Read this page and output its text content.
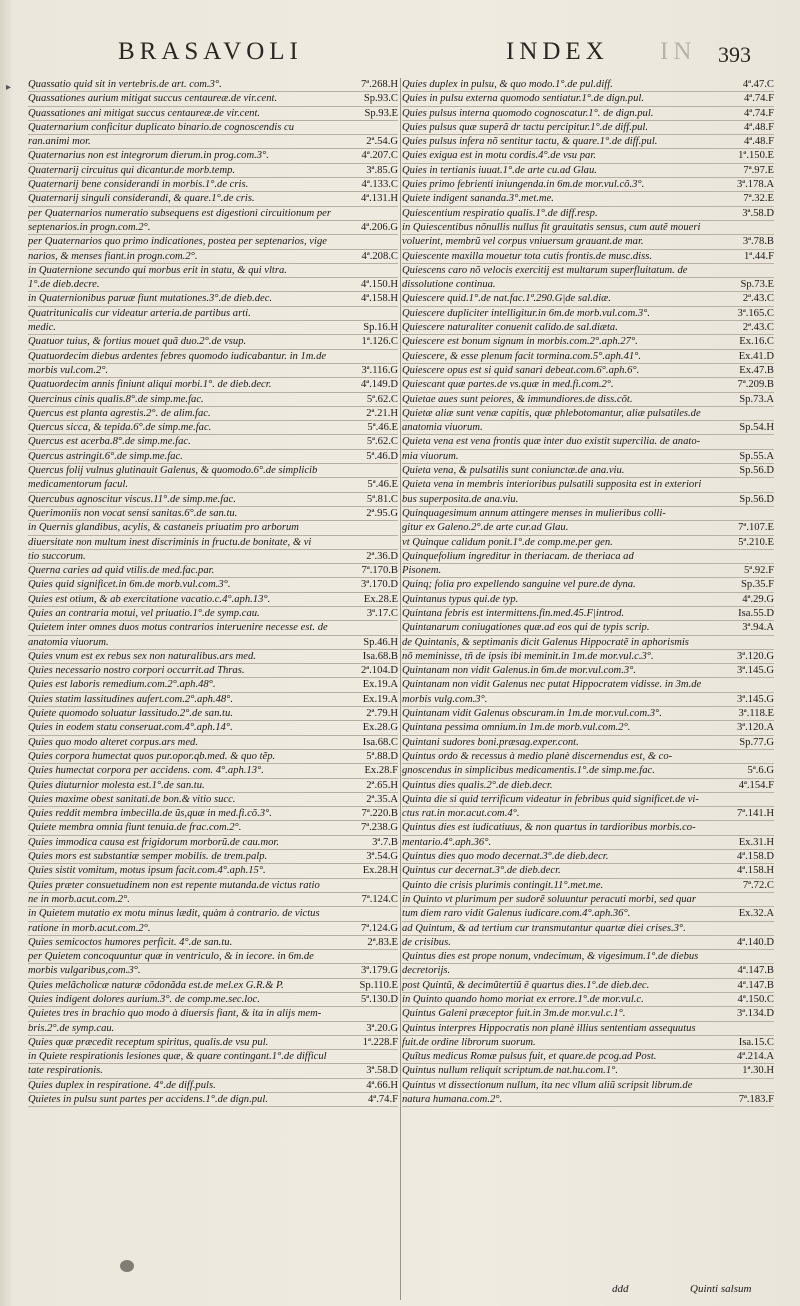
▸
BRASAVOLI	INDEX IN 393
Quassatio quid sit in vertebris.de art. com.3°.	7ª.268.H
Quassationes aurium mitigat succus centaureæ.de vir.cent.	Sp.93.C
Quassationes ani mitigat succus centaureæ.de vir.cent.	Sp.93.E
Quaternarium conficitur duplicato binario.de cognoscendis cu
ran.animi mor.	2ª.54.G
Quaternarius non est integrorum dierum.in prog.com.3°.	4ª.207.C
Quaternarij circuitus qui dicantur.de morb.temp.	3ª.85.G
Quaternarij bene considerandi in morbis.1°.de cris.	4ª.133.C
Quaternarij singuli considerandi, & quare.1°.de cris.	4ª.131.H
per Quaternarios numeratio subsequens est digestioni circuitionum per
septenarios.in progn.com.2°.	4ª.206.G
per Quaternarios quo primo indicationes, postea per septenarios, vige
narios, & menses fiant.in progn.com.2°.	4ª.208.C
in Quaternione secundo qui morbus erit in statu, & qui vltra.
1°.de dieb.decre.	4ª.150.H
in Quaternionibus paruæ fiunt mutationes.3°.de dieb.dec.	4ª.158.H
Quatritunicalis cur videatur arteria.de partibus arti.
medic.	Sp.16.H
Quatuor tuius, & fortius mouet quã duo.2°.de vsup.	1ª.126.C
Quatuordecim diebus ardentes febres quomodo iudicabantur. in 1m.de
morbis vul.com.2°.	3ª.116.G
Quatuordecim annis finiunt aliqui morbi.1°. de dieb.decr.	4ª.149.D
Quercinus cinis qualis.8°.de simp.me.fac.	5ª.62.C
Quercus est planta agrestis.2°. de alim.fac.	2ª.21.H
Quercus sicca, & tepida.6°.de simp.me.fac.	5ª.46.E
Quercus est acerba.8°.de simp.me.fac.	5ª.62.C
Quercus astringit.6°.de simp.me.fac.	5ª.46.D
Quercus folij vulnus glutinauit Galenus, & quomodo.6°.de simplicib
medicamentorum facul.	5ª.46.E
Quercubus agnoscitur viscus.11°.de simp.me.fac.	5ª.81.C
Querimoniis non vocat sensi sanitas.6°.de san.tu.	2ª.95.G
in Quernis glandibus, acylis, & castaneis priuatim pro arborum
diuersitate non multum inest discriminis in fructu.de bonitate, & vi
tio succorum.	2ª.36.D
Querna caries ad quid vtilis.de med.fac.par.	7ª.170.B
Quies quid significet.in 6m.de morb.vul.com.3°.	3ª.170.D
Quies est otium, & ab exercitatione vacatio.c.4°.aph.13°.	Ex.28.E
Quies an contraria motui, vel priuatio.1°.de symp.cau.	3ª.17.C
Quietem inter omnes duos motus contrarios interuenire necesse est. de
anatomia viuorum.	Sp.46.H
Quies vnum est ex rebus sex non naturalibus.ars med.	Isa.68.B
Quies necessario nostro corpori occurrit.ad Thras.	2ª.104.D
Quies est laboris remedium.com.2°.aph.48°.	Ex.19.A
Quies statim lassitudines aufert.com.2°.aph.48°.	Ex.19.A
Quiete quomodo soluatur lassitudo.2°.de san.tu.	2ª.79.H
Quies in eodem statu conseruat.com.4°.aph.14°.	Ex.28.G
Quies quo modo alteret corpus.ars med.	Isa.68.C
Quies corpora humectat quos pur.opor.qb.med. & quo tẽp.	5ª.88.D
Quies humectat corpora per accidens. com. 4°.aph.13°.	Ex.28.F
Quies diuturnior molesta est.1°.de san.tu.	2ª.65.H
Quies maxime obest sanitati.de bon.& vitio succ.	2ª.35.A
Quies reddit membra imbecilla.de ũs,quæ in med.fi.cõ.3°.	7ª.220.B
Quiete membra omnia fiunt tenuia.de frac.com.2°.	7ª.238.G
Quies immodica causa est frigidorum morborũ.de cau.mor.	3ª.7.B
Quies mors est substantiæ semper mobilis. de trem.palp.	3ª.54.G
Quies sistit vomitum, motus ipsum facit.com.4°.aph.15°.	Ex.28.H
Quies præter consuetudinem non est repente mutanda.de victus ratio
ne in morb.acut.com.2°.	7ª.124.C
in Quietem mutatio ex motu minus lædit, quàm à contrario. de victus
ratione in morb.acut.com.2°.	7ª.124.G
Quies semicoctos humores perficit. 4°.de san.tu.	2ª.83.E
per Quietem concoquuntur quæ in ventriculo, & in iecore. in 6m.de
morbis vulgaribus,com.3°.	3ª.179.G
Quies melãcholicæ naturæ cõdonãda est.de mel.ex G.R.& P.	Sp.110.E
Quies indigent dolores aurium.3°. de comp.me.sec.loc.	5ª.130.D
Quietes tres in brachio quo modo à diuersis fiant, & ita in alijs mem-
bris.2°.de symp.cau.	3ª.20.G
Quies quæ præcedit receptum spiritus, qualis.de vsu pul.	1ª.228.F
in Quiete respirationis lesiones quæ, & quare contingant.1°.de difficul
tate respirationis.	3ª.58.D
Quies duplex in respiratione. 4°.de diff.puls.	4ª.66.H
Quietes in pulsu sunt partes per accidens.1°.de dign.pul.	4ª.74.F
Quies duplex in pulsu, & quo modo.1°.de pul.diff.	4ª.47.C
Quies in pulsu externa quomodo sentiatur.1°.de dign.pul.	4ª.74.F
Quies pulsus interna quomodo cognoscatur.1°. de dign.pul.	4ª.74.F
Quies pulsus quæ superã dr tactu percipitur.1°.de diff.pul.	4ª.48.F
Quies pulsus infera nõ sentitur tactu, & quare.1°.de diff.pul.	4ª.48.F
Quies exigua est in motu cordis.4°.de vsu par.	1ª.150.E
Quies in tertianis iuuat.1°.de arte cu.ad Glau.	7ª.97.E
Quies primo febrienti iniungenda.in 6m.de mor.vul.cõ.3°.	3ª.178.A
Quiete indigent sananda.3°.met.me.	7ª.32.E
Quiescentium respiratio qualis.1°.de diff.resp.	3ª.58.D
in Quiescentibus nõnullis nullus fit grauitatis sensus, cum autẽ moueri
voluerint, membrũ vel corpus vniuersum grauant.de mar.	3ª.78.B
Quiescente maxilla mouetur tota cutis frontis.de musc.diss.	1ª.44.F
Quiescens caro nõ velocis exercitij est multarum superfluitatum. de
dissolutione continua.	Sp.73.E
Quiescere quid.1°.de nat.fac.1ª.290.G|de sal.diæ.	2ª.43.C
Quiescere dupliciter intelligitur.in 6m.de morb.vul.com.3°.	3ª.165.C
Quiescere naturaliter conuenit calido.de sal.diæta.	2ª.43.C
Quiescere est bonum signum in morbis.com.2°.aph.27°.	Ex.16.C
Quiescere, & esse plenum facit tormina.com.5°.aph.41°.	Ex.41.D
Quiescere opus est si quid sanari debeat.com.6°.aph.6°.	Ex.47.B
Quiescant quæ partes.de vs.quæ in med.fi.com.2°.	7ª.209.B
Quietae aues sunt peiores, & immundiores.de diss.cõt.	Sp.73.A
Quietæ aliæ sunt venæ capitis, quæ phlebotomantur, aliæ pulsatiles.de
anatomia viuorum.	Sp.54.H
Quieta vena est vena frontis quæ inter duo existit supercilia. de anato-
mia viuorum.	Sp.55.A
Quieta vena, & pulsatilis sunt coniunctæ.de ana.viu.	Sp.56.D
Quieta vena in membris interioribus pulsatili supposita est in exteriori
bus superposita.de ana.viu.	Sp.56.D
Quinquagesimum annum attingere menses in mulieribus colli-
gitur ex Galeno.2°.de arte cur.ad Glau.	7ª.107.E
vt Quinque calidum ponit.1°.de comp.me.per gen.	5ª.210.E
Quinquefolium ingreditur in theriacam. de theriaca ad
Pisonem.	5ª.92.F
Quinq; folia pro expellendo sanguine vel pure.de dyna.	Sp.35.F
Quintanus typus qui.de typ.	4ª.29.G
Quintana febris est intermittens.fin.med.45.F|introd.	Isa.55.D
Quintanarum coniugationes quæ.ad eos qui de typis scrip.	3ª.94.A
de Quintanis, & septimanis dicit Galenus Hippocratẽ in aphorismis
nõ meminisse, tñ de ipsis ibi meminit.in 1m.de mor.vul.c.3°.	3ª.120.G
Quintanam non vidit Galenus.in 6m.de mor.vul.com.3°.	3ª.145.G
Quintanam non vidit Galenus nec putat Hippocratem vidisse. in 3m.de
morbis vulg.com.3°.	3ª.145.G
Quintanam vidit Galenus obscuram.in 1m.de mor.vul.com.3°.	3ª.118.E
Quintana pessima omnium.in 1m.de morb.vul.com.2°.	3ª.120.A
Quintani sudores boni.præsag.exper.cont.	Sp.77.G
Quintus ordo & recessus à medio planè discernendus est, & co-
gnoscendus in simplicibus medicamentis.1°.de simp.me.fac.	5ª.6.G
Quintus dies qualis.2°.de dieb.decr.	4ª.154.F
Quinta die si quid terrificum videatur in febribus quid significet.de vi-
ctus rat.in mor.acut.com.4°.	7ª.141.H
Quintus dies est iudicatiuus, & non quartus in tardioribus morbis.co-
mentario.4°.aph.36°.	Ex.31.H
Quintus dies quo modo decernat.3°.de dieb.decr.	4ª.158.D
Quintus cur decernat.3°.de dieb.decr.	4ª.158.H
Quinto die crisis plurimis contingit.11°.met.me.	7ª.72.C
in Quinto vt plurimum per sudorẽ soluuntur peracuti morbi, sed quar
tum diem raro vidit Galenus iudicare.com.4°.aph.36°.	Ex.32.A
ad Quintum, & ad tertium cur transmutantur quartæ diei crises.3°.
de crisibus.	4ª.140.D
Quintus dies est prope nonum, vndecimum, & vigesimum.1°.de diebus
decretorijs.	4ª.147.B
post Quintũ, & decimũtertiũ ẽ quartus dies.1°.de dieb.dec.	4ª.147.B
in Quinto quando homo moriat ex errore.1°.de mor.vul.c.	4ª.150.C
Quintus Galeni præceptor fuit.in 3m.de mor.vul.c.1°.	3ª.134.D
Quintus interpres Hippocratis non planè illius sententiam assequutus
fuit.de ordine librorum suorum.	Isa.15.C
Quĩtus medicus Romæ pulsus fuit, et quare.de pcog.ad Post.	4ª.214.A
Quintus nullum reliquit scriptum.de nat.hu.com.1°.	1ª.30.H
Quintus vt dissectionum nullum, ita nec vllum aliũ scripsit librum.de
natura humana.com.2°.	7ª.183.F
ddd	Quinti salsum
